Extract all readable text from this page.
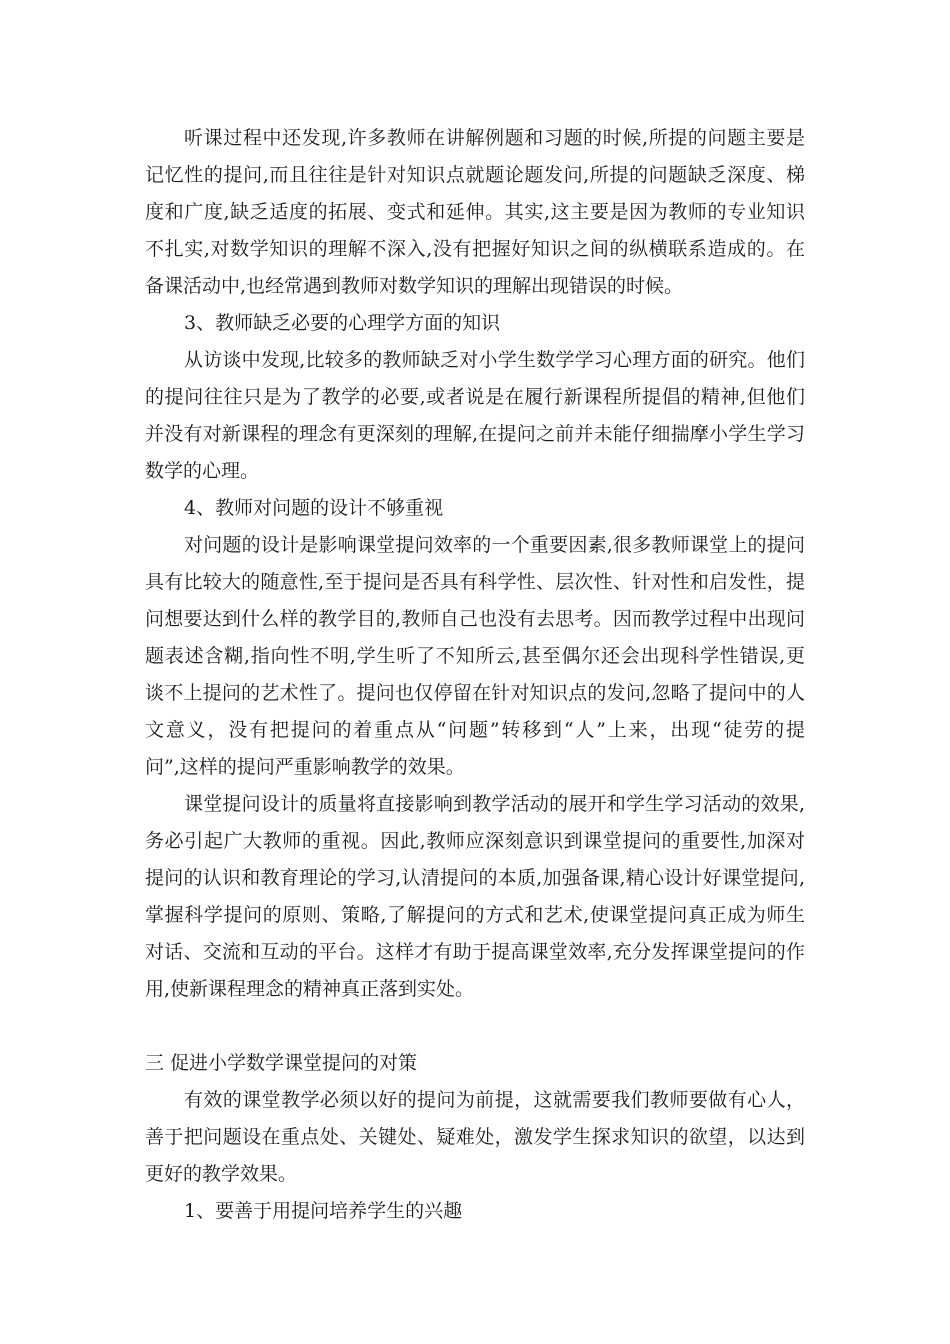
听课过程中还发现,许多教师在讲解例题和习题的时候,所提的问题主要是
记忆性的提问,而且往往是针对知识点就题论题发问,所提的问题缺乏深度、梯
度和广度,缺乏适度的拓展、变式和延伸。其实,这主要是因为教师的专业知识
不扎实,对数学知识的理解不深入,没有把握好知识之间的纵横联系造成的。在
备课活动中,也经常遇到教师对数学知识的理解出现错误的时候。
3、教师缺乏必要的心理学方面的知识
从访谈中发现,比较多的教师缺乏对小学生数学学习心理方面的研究。他们
的提问往往只是为了教学的必要,或者说是在履行新课程所提倡的精神,但他们
并没有对新课程的理念有更深刻的理解,在提问之前并未能仔细揣摩小学生学习
数学的心理。
4、教师对问题的设计不够重视
对问题的设计是影响课堂提问效率的一个重要因素,很多教师课堂上的提问
具有比较大的随意性,至于提问是否具有科学性、层次性、针对性和启发性，提
问想要达到什么样的教学目的,教师自己也没有去思考。因而教学过程中出现问
题表述含糊,指向性不明,学生听了不知所云,甚至偶尔还会出现科学性错误,更
谈不上提问的艺术性了。提问也仅停留在针对知识点的发问,忽略了提问中的人
文意义，没有把提问的着重点从“问题”转移到“人”上来，出现“徒劳的提
问”,这样的提问严重影响教学的效果。
课堂提问设计的质量将直接影响到教学活动的展开和学生学习活动的效果,
务必引起广大教师的重视。因此,教师应深刻意识到课堂提问的重要性,加深对
提问的认识和教育理论的学习,认清提问的本质,加强备课,精心设计好课堂提问,
掌握科学提问的原则、策略,了解提问的方式和艺术,使课堂提问真正成为师生
对话、交流和互动的平台。这样才有助于提高课堂效率,充分发挥课堂提问的作
用,使新课程理念的精神真正落到实处。
三 促进小学数学课堂提问的对策
有效的课堂教学必须以好的提问为前提，这就需要我们教师要做有心人，
善于把问题设在重点处、关键处、疑难处，激发学生探求知识的欲望，以达到
更好的教学效果。
1、要善于用提问培养学生的兴趣
